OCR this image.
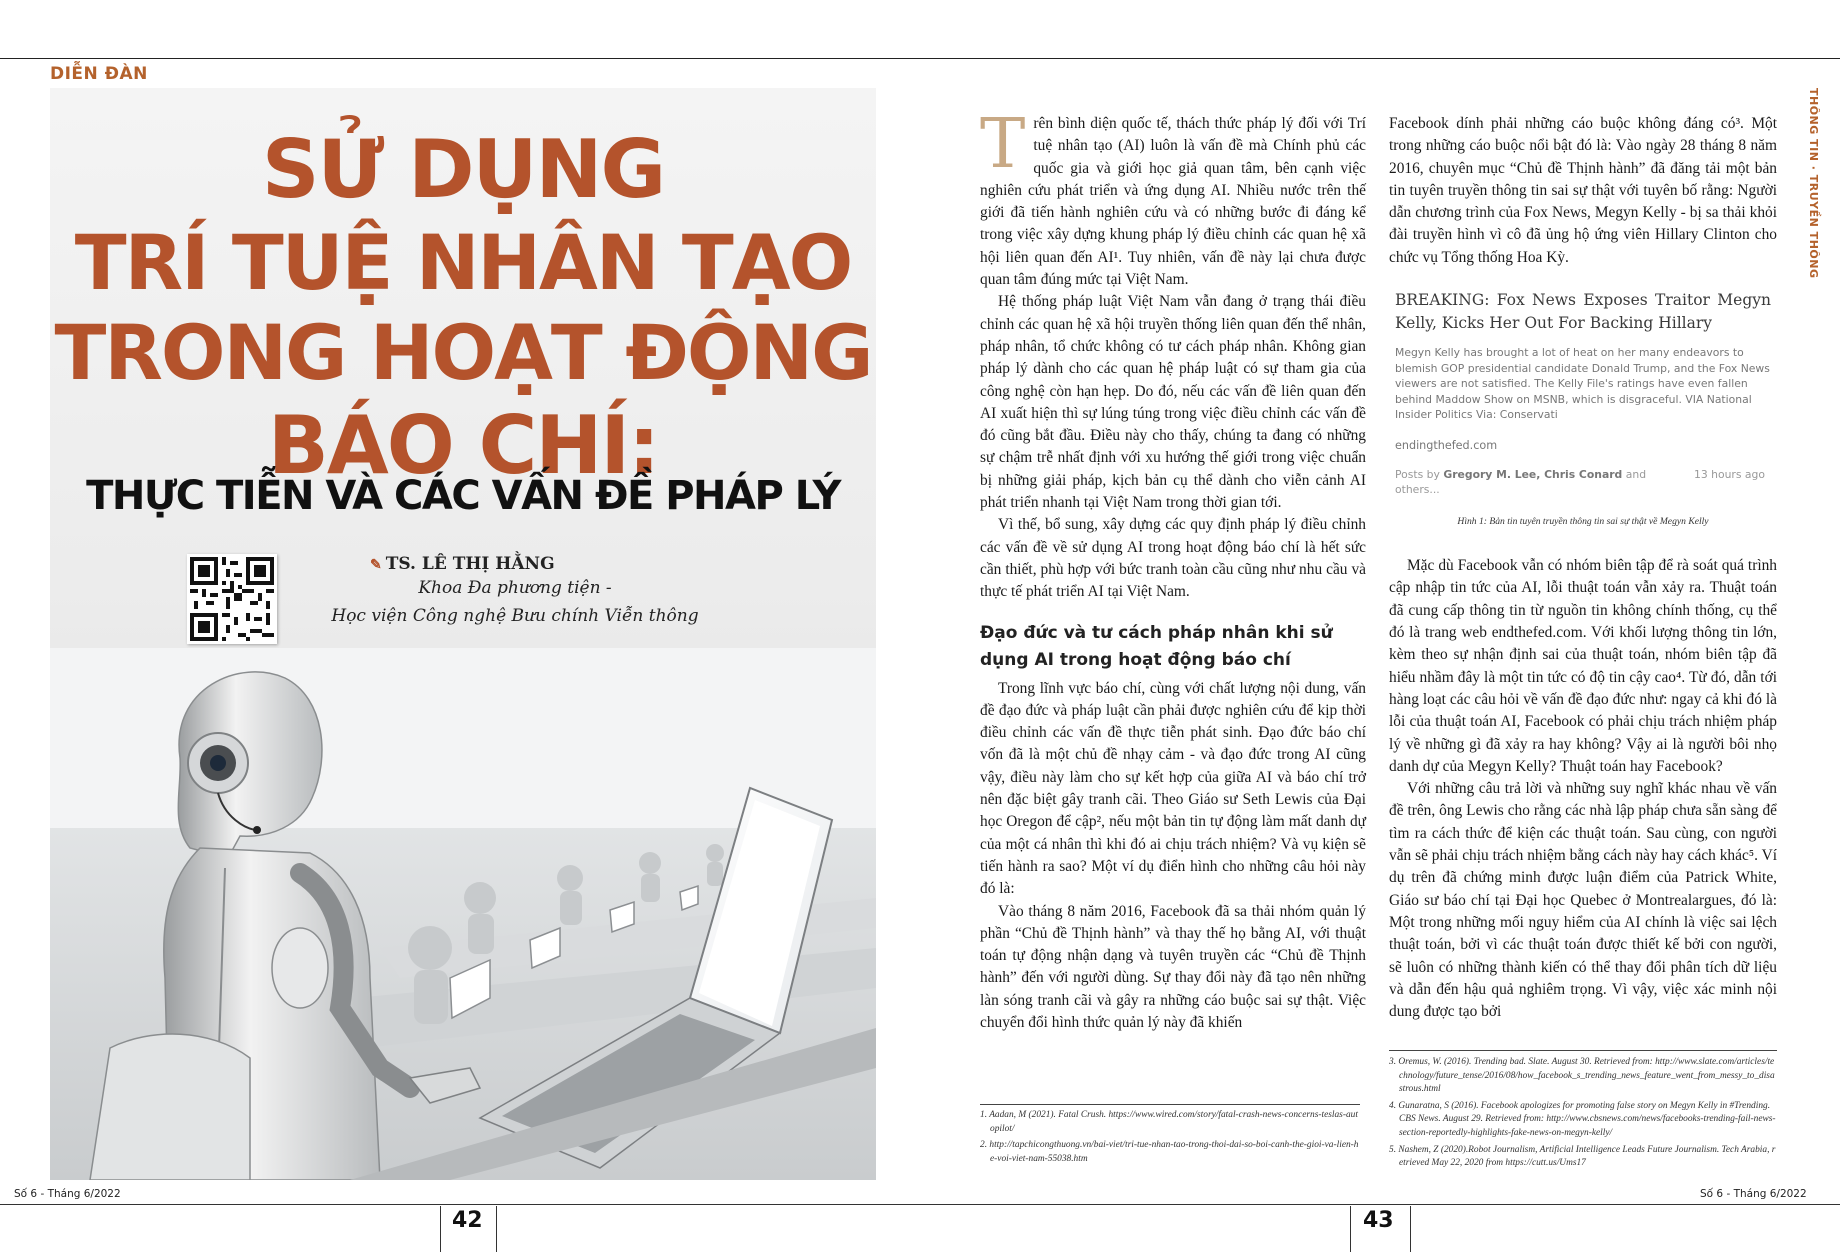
DIỄN ĐÀN
SỬ DỤNG
TRÍ TUỆ NHÂN TẠO
TRONG HOẠT ĐỘNG
BÁO CHÍ:
THỰC TIỄN VÀ CÁC VẤN ĐỀ PHÁP LÝ
✎ TS. LÊ THỊ HẰNG
Khoa Đa phương tiện -
Học viện Công nghệ Bưu chính Viễn thông
THÔNG TIN · TRUYỀN THÔNG

Trên bình diện quốc tế, thách thức pháp lý đối với Trí tuệ nhân tạo (AI) luôn là vấn đề mà Chính phủ các quốc gia và giới học giả quan tâm, bên cạnh việc nghiên cứu phát triển và ứng dụng AI. Nhiều nước trên thế giới đã tiến hành nghiên cứu và có những bước đi đáng kể trong việc xây dựng khung pháp lý điều chỉnh các quan hệ xã hội liên quan đến AI¹. Tuy nhiên, vấn đề này lại chưa được quan tâm đúng mức tại Việt Nam.

Hệ thống pháp luật Việt Nam vẫn đang ở trạng thái điều chỉnh các quan hệ xã hội truyền thống liên quan đến thể nhân, pháp nhân, tổ chức không có tư cách pháp nhân. Không gian pháp lý dành cho các quan hệ pháp luật có sự tham gia của công nghệ còn hạn hẹp. Do đó, nếu các vấn đề liên quan đến AI xuất hiện thì sự lúng túng trong việc điều chỉnh các vấn đề đó cũng bắt đầu. Điều này cho thấy, chúng ta đang có những sự chậm trễ nhất định với xu hướng thế giới trong việc chuẩn bị những giải pháp, kịch bản cụ thể dành cho viễn cảnh AI phát triển nhanh tại Việt Nam trong thời gian tới.

Vì thế, bổ sung, xây dựng các quy định pháp lý điều chỉnh các vấn đề về sử dụng AI trong hoạt động báo chí là hết sức cần thiết, phù hợp với bức tranh toàn cầu cũng như nhu cầu và thực tế phát triển AI tại Việt Nam.

Đạo đức và tư cách pháp nhân khi sử dụng AI trong hoạt động báo chí

Trong lĩnh vực báo chí, cùng với chất lượng nội dung, vấn đề đạo đức và pháp luật cần phải được nghiên cứu để kịp thời điều chỉnh các vấn đề thực tiễn phát sinh. Đạo đức báo chí vốn đã là một chủ đề nhạy cảm - và đạo đức trong AI cũng vậy, điều này làm cho sự kết hợp của giữa AI và báo chí trở nên đặc biệt gây tranh cãi. Theo Giáo sư Seth Lewis của Đại học Oregon để cập², nếu một bản tin tự động làm mất danh dự của một cá nhân thì khi đó ai chịu trách nhiệm? Và vụ kiện sẽ tiến hành ra sao? Một ví dụ điển hình cho những câu hỏi này đó là:

Vào tháng 8 năm 2016, Facebook đã sa thải nhóm quản lý phần “Chủ đề Thịnh hành” và thay thế họ bằng AI, với thuật toán tự động nhận dạng và tuyên truyền các “Chủ đề Thịnh hành” đến với người dùng. Sự thay đổi này đã tạo nên những làn sóng tranh cãi và gây ra những cáo buộc sai sự thật. Việc chuyển đổi hình thức quản lý này đã khiến

Facebook dính phải những cáo buộc không đáng có³. Một trong những cáo buộc nổi bật đó là: Vào ngày 28 tháng 8 năm 2016, chuyên mục “Chủ đề Thịnh hành” đã đăng tải một bản tin tuyên truyền thông tin sai sự thật với tuyên bố rằng: Người dẫn chương trình của Fox News, Megyn Kelly - bị sa thải khỏi đài truyền hình vì cô đã ủng hộ ứng viên Hillary Clinton cho chức vụ Tổng thống Hoa Kỳ.

BREAKING: Fox News Exposes Traitor Megyn Kelly, Kicks Her Out For Backing Hillary
Megyn Kelly has brought a lot of heat on her many endeavors to blemish GOP presidential candidate Donald Trump, and the Fox News viewers are not satisfied. The Kelly File's ratings have even fallen behind Maddow Show on MSNB, which is disgraceful. VIA National Insider Politics Via: Conservati
endingthefed.com
Posts by Gregory M. Lee, Chris Conard and others...
13 hours ago
Hình 1: Bản tin tuyên truyền thông tin sai sự thật về Megyn Kelly

Mặc dù Facebook vẫn có nhóm biên tập để rà soát quá trình cập nhập tin tức của AI, lỗi thuật toán vẫn xảy ra. Thuật toán đã cung cấp thông tin từ nguồn tin không chính thống, cụ thể đó là trang web endthefed.com. Với khối lượng thông tin lớn, kèm theo sự nhận định sai của thuật toán, nhóm biên tập đã hiểu nhầm đây là một tin tức có độ tin cậy cao⁴. Từ đó, dẫn tới hàng loạt các câu hỏi về vấn đề đạo đức như: ngay cả khi đó là lỗi của thuật toán AI, Facebook có phải chịu trách nhiệm pháp lý về những gì đã xảy ra hay không? Vậy ai là người bôi nhọ danh dự của Megyn Kelly? Thuật toán hay Facebook?

Với những câu trả lời và những suy nghĩ khác nhau về vấn đề trên, ông Lewis cho rằng các nhà lập pháp chưa sẵn sàng để tìm ra cách thức để kiện các thuật toán. Sau cùng, con người vẫn sẽ phải chịu trách nhiệm bằng cách này hay cách khác⁵. Ví dụ trên đã chứng minh được luận điểm của Patrick White, Giáo sư báo chí tại Đại học Quebec ở Montrealargues, đó là: Một trong những mối nguy hiểm của AI chính là việc sai lệch thuật toán, bởi vì các thuật toán được thiết kế bởi con người, sẽ luôn có những thành kiến có thể thay đổi phân tích dữ liệu và dẫn đến hậu quả nghiêm trọng. Vì vậy, việc xác minh nội dung được tạo bởi

1. Aadan, M (2021). Fatal Crush. https://www.wired.com/story/fatal-crash-news-concerns-teslas-autopilot/
2. http://tapchicongthuong.vn/bai-viet/tri-tue-nhan-tao-trong-thoi-dai-so-boi-canh-the-gioi-va-lien-he-voi-viet-nam-55038.htm
3. Oremus, W. (2016). Trending bad. Slate. August 30. Retrieved from: http://www.slate.com/articles/technology/future_tense/2016/08/how_facebook_s_trending_news_feature_went_from_messy_to_disastrous.html
4. Gunaratna, S (2016). Facebook apologizes for promoting false story on Megyn Kelly in #Trending. CBS News. August 29. Retrieved from: http://www.cbsnews.com/news/facebooks-trending-fail-news-section-reportedly-highlights-fake-news-on-megyn-kelly/
5. Nashem, Z (2020).Robot Journalism, Artificial Intelligence Leads Future Journalism. Tech Arabia, retrieved May 22, 2020 from https://cutt.us/Ums17
Số 6 - Tháng 6/2022	Số 6 - Tháng 6/2022
42	43
